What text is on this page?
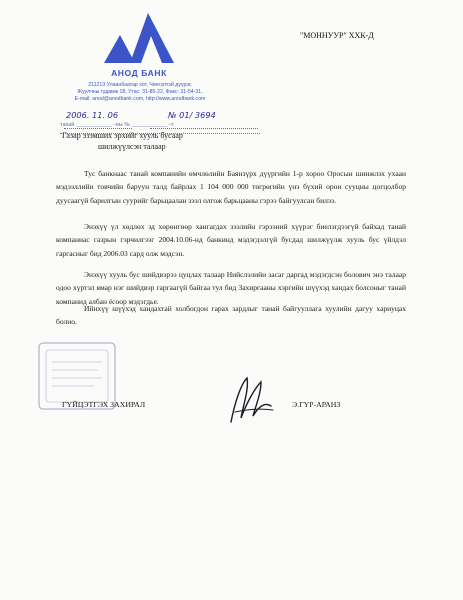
АНОД БАНК
211213 Улаанбаатар хот, Чингэлтэй дүүрэг,
Жуулчны гудамж 18, Утас: 31-85-22, Факс: 31-54-31,
E-mail: anod@anodbank.com, http://www.anodbank.com
"МОННУУР" ХХК-Д
2006. 11. 06	№ 01/ 3694
танай ____________ -ны № ____________ -т
Газар эзэмших эрхийг хууль бусаар
шилжүүлсэн талаар

Тус банкнаас танай компанийн өмчлөлийн Баянзүрх дүүргийн 1-р хороо Оросын шинжлэх ухаан мэдээллийн товчийн баруун талд байрлах 1 104 000 000 төгрөгийн үнэ бүхий орон сууцны цогцолбор дуусаагүй барилгын суурийг барьцаалан зээл олгож барьцааны гэрээ байгуулсан билээ.

Энэхүү үл хөдлөх эд хөрөнгөөр хангагдах зээлийн гэрээний хүүрэг биелэгдээгүй байхад танай компаниас газрын гэрчилгээг 2004.10.06-нд банкинд мэдэгдэлгүй бусдад шилжүүлж хууль бус үйлдэл гаргасныг бид 2006.03 сард олж мэдсэн.

Энэхүү хууль бус шийдвэрээ цуцлах талаар Нийслэлийн засаг даргад мэдэгдсэн болович энэ талаар одоо хүртэл ямар нэг шийдвэр гаргаагүй байгаа тул бид Захиргааны хэргийн шүүхэд хандах болсоныг танай компанид албан ёсоор мэдэгдье.

Ийнхүү шүүхэд хандахтай холбогдон гарах зардлыг танай байгууллага хуулийн дагуу хариуцах болно.

ГҮЙЦЭТГЭХ ЗАХИРАЛ	Э.ГҮР-АРАНЗ
